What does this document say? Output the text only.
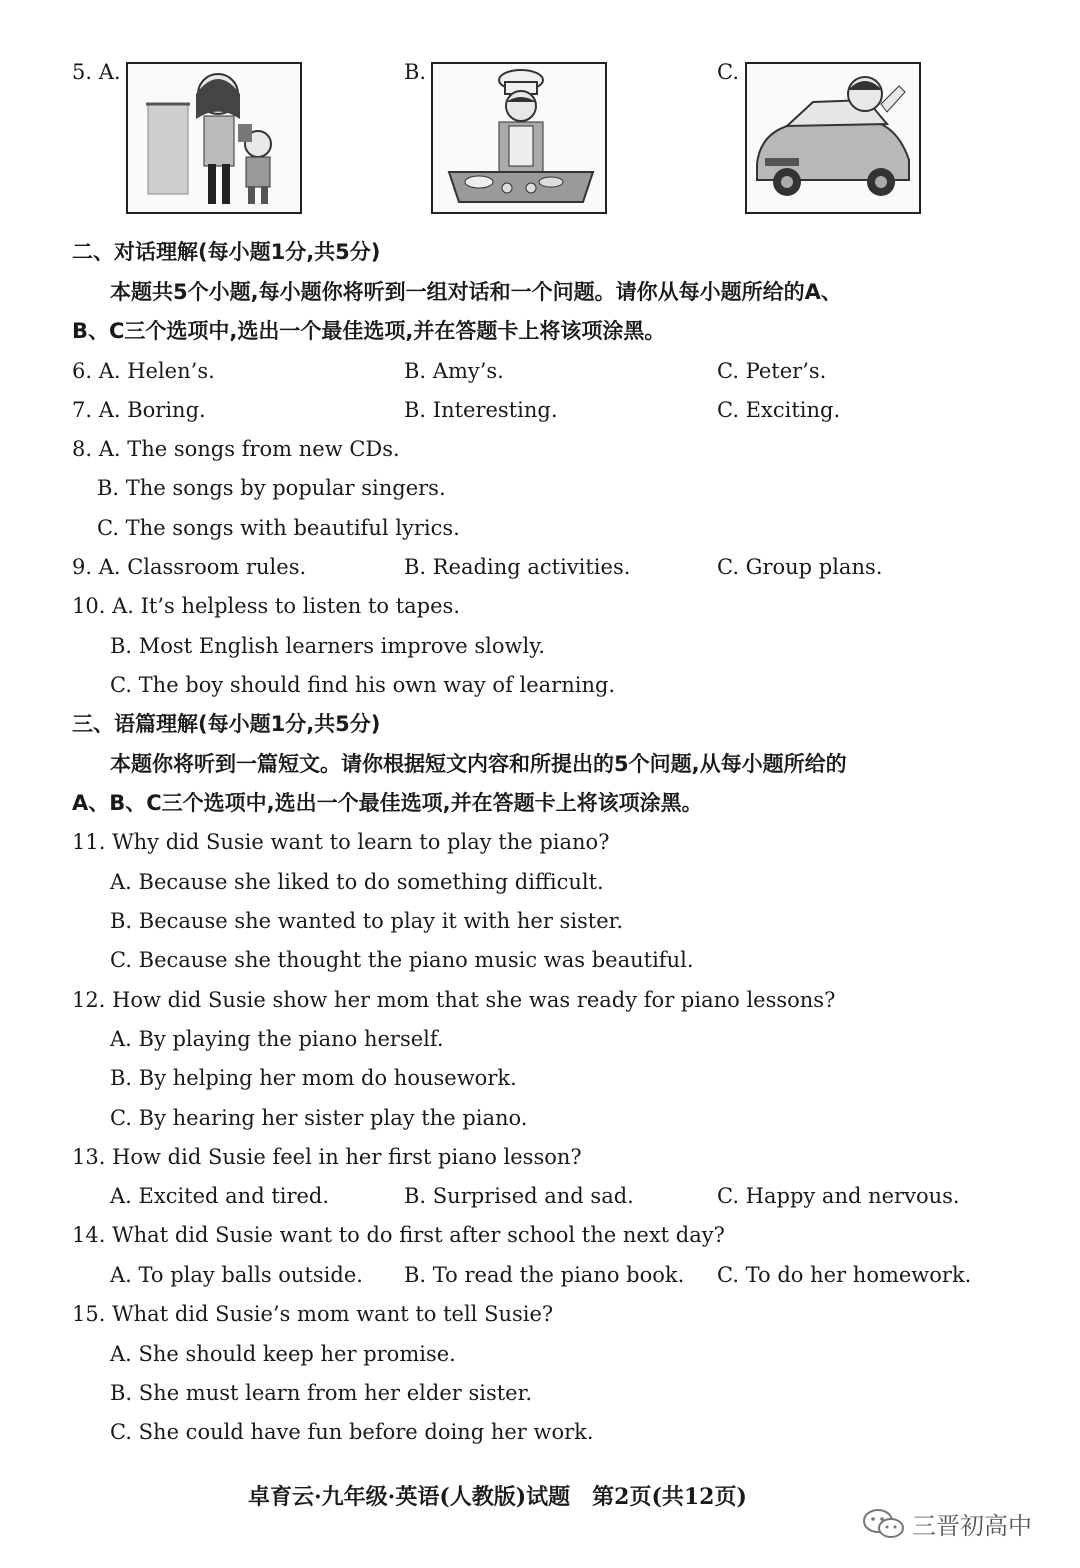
5. A.	B.	C.
二、对话理解(每小题1分,共5分)
本题共5个小题,每小题你将听到一组对话和一个问题。请你从每小题所给的A、
B、C三个选项中,选出一个最佳选项,并在答题卡上将该项涂黑。
6. A. Helen’s.	B. Amy’s.	C. Peter’s.
7. A. Boring.	B. Interesting.	C. Exciting.
8. A. The songs from new CDs.
B. The songs by popular singers.
C. The songs with beautiful lyrics.
9. A. Classroom rules.	B. Reading activities.	C. Group plans.
10. A. It’s helpless to listen to tapes.
B. Most English learners improve slowly.
C. The boy should find his own way of learning.
三、语篇理解(每小题1分,共5分)
本题你将听到一篇短文。请你根据短文内容和所提出的5个问题,从每小题所给的
A、B、C三个选项中,选出一个最佳选项,并在答题卡上将该项涂黑。
11. Why did Susie want to learn to play the piano?
A. Because she liked to do something difficult.
B. Because she wanted to play it with her sister.
C. Because she thought the piano music was beautiful.
12. How did Susie show her mom that she was ready for piano lessons?
A. By playing the piano herself.
B. By helping her mom do housework.
C. By hearing her sister play the piano.
13. How did Susie feel in her first piano lesson?
A. Excited and tired.	B. Surprised and sad.	C. Happy and nervous.
14. What did Susie want to do first after school the next day?
A. To play balls outside. B. To read the piano book. C. To do her homework.
15. What did Susie’s mom want to tell Susie?
A. She should keep her promise.
B. She must learn from her elder sister.
C. She could have fun before doing her work.
卓育云·九年级·英语(人教版)试题　第2页(共12页)
三晋初高中
